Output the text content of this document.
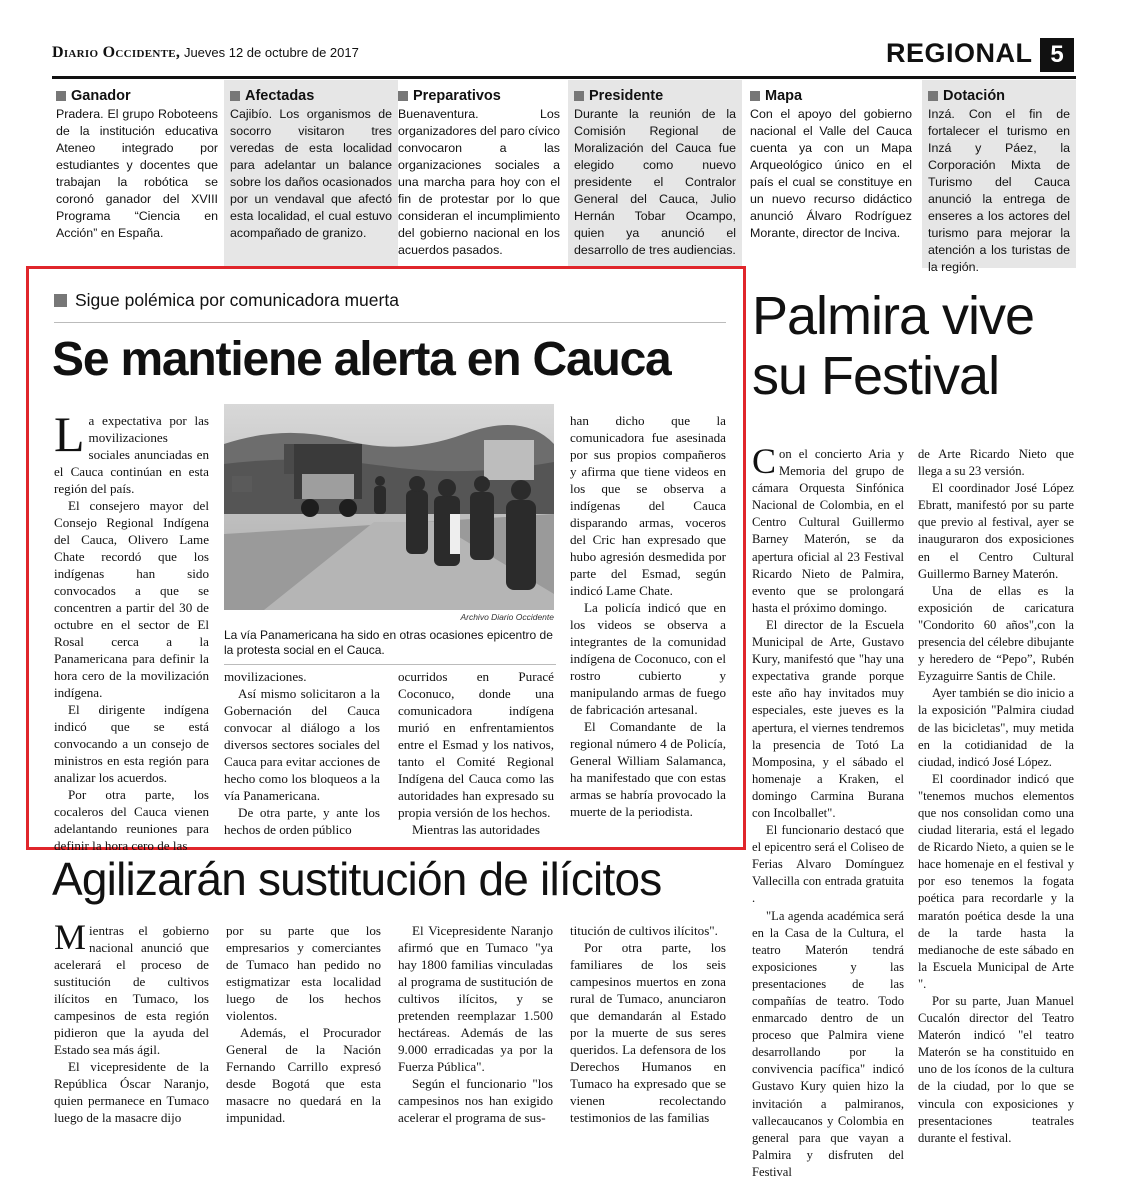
Diario Occidente, Jueves 12 de octubre de 2017	REGIONAL 5
Ganador
Pradera. El grupo Roboteens de la institución educativa Ateneo integrado por estudiantes y docentes que trabajan la robótica se coronó ganador del XVIII Programa “Ciencia en Acción” en España.
Afectadas
Cajibío. Los organismos de socorro visitaron tres veredas de esta localidad para adelantar un balance sobre los daños ocasionados por un vendaval que afectó esta localidad, el cual estuvo acompañado de granizo.
Preparativos
Buenaventura. Los organizadores del paro cívico convocaron a las organizaciones sociales a una marcha para hoy con el fin de protestar por lo que consideran el incumplimiento del gobierno nacional en los acuerdos pasados.
Presidente
Durante la reunión de la Comisión Regional de Moralización del Cauca fue elegido como nuevo presidente el Contralor General del Cauca, Julio Hernán Tobar Ocampo, quien ya anunció el desarrollo de tres audiencias.
Mapa
Con el apoyo del gobierno nacional el Valle del Cauca cuenta ya con un Mapa Arqueológico único en el país el cual se constituye en un nuevo recurso didáctico anunció Álvaro Rodríguez Morante, director de Inciva.
Dotación
Inzá. Con el fin de fortalecer el turismo en Inzá y Páez, la Corporación Mixta de Turismo del Cauca anunció la entrega de enseres a los actores del turismo para mejorar la atención a los turistas de la región.
Sigue polémica por comunicadora muerta
Se mantiene alerta en Cauca

La expectativa por las movilizaciones sociales anunciadas en el Cauca continúan en esta región del país.

El consejero mayor del Consejo Regional Indígena del Cauca, Olivero Lame Chate recordó que los indígenas han sido convocados a que se concentren a partir del 30 de octubre en el sector de El Rosal cerca a la Panamericana para definir la hora cero de la movilización indígena.

El dirigente indígena indicó que se está convocando a un consejo de ministros en esta región para analizar los acuerdos.

Por otra parte, los cocaleros del Cauca vienen adelantando reuniones para definir la hora cero de las

Archivo Diario Occidente
La vía Panamericana ha sido en otras ocasiones epicentro de la protesta social en el Cauca.

movilizaciones.

Así mismo solicitaron a la Gobernación del Cauca convocar al diálogo a los diversos sectores sociales del Cauca para evitar acciones de hecho como los bloqueos a la vía Panamericana.

De otra parte, y ante los hechos de orden público

ocurridos en Puracé Coconuco, donde una comunicadora indígena murió en enfrentamientos entre el Esmad y los nativos, tanto el Comité Regional Indígena del Cauca como las autoridades han expresado su propia versión de los hechos.

Mientras las autoridades

han dicho que la comunicadora fue asesinada por sus propios compañeros y afirma que tiene videos en los que se observa a indígenas del Cauca disparando armas, voceros del Cric han expresado que hubo agresión desmedida por parte del Esmad, según indicó Lame Chate.

La policía indicó que en los videos se observa a integrantes de la comunidad indígena de Coconuco, con el rostro cubierto y manipulando armas de fuego de fabricación artesanal.

El Comandante de la regional número 4 de Policía, General William Salamanca, ha manifestado que con estas armas se habría provocado la muerte de la periodista.

Palmira vive su Festival

Con el concierto Aria y Memoria del grupo de cámara Orquesta Sinfónica Nacional de Colombia, en el Centro Cultural Guillermo Barney Materón, se da apertura oficial al 23 Festival Ricardo Nieto de Palmira, evento que se prolongará hasta el próximo domingo.

El director de la Escuela Municipal de Arte, Gustavo Kury, manifestó que "hay una expectativa grande porque este año hay invitados muy especiales, este jueves es la apertura, el viernes tendremos la presencia de Totó La Momposina, y el sábado el homenaje a Kraken, el domingo Carmina Burana con Incolballet".

El funcionario destacó que el epicentro será el Coliseo de Ferias Alvaro Domínguez Vallecilla con entrada gratuita .

"La agenda académica será en la Casa de la Cultura, el teatro Materón tendrá exposiciones y las presentaciones de las compañías de teatro. Todo enmarcado dentro de un proceso que Palmira viene desarrollando por la convivencia pacífica" indicó Gustavo Kury quien hizo la invitación a palmiranos, vallecaucanos y Colombia en general para que vayan a Palmira y disfruten del Festival

de Arte Ricardo Nieto que llega a su 23 versión.

El coordinador José López Ebratt, manifestó por su parte que previo al festival, ayer se inauguraron dos exposiciones en el Centro Cultural Guillermo Barney Materón.

Una de ellas es la exposición de caricatura "Condorito 60 años",con la presencia del célebre dibujante y heredero de “Pepo”, Rubén Eyzaguirre Santis de Chile.

Ayer también se dio inicio a la exposición "Palmira ciudad de las bicicletas", muy metida en la cotidianidad de la ciudad, indicó José López.

El coordinador indicó que "tenemos muchos elementos que nos consolidan como una ciudad literaria, está el legado de Ricardo Nieto, a quien se le hace homenaje en el festival y por eso tenemos la fogata poética para recordarle y la maratón poética desde la una de la tarde hasta la medianoche de este sábado en la Escuela Municipal de Arte ".

Por su parte, Juan Manuel Cucalón director del Teatro Materón indicó "el teatro Materón se ha constituido en uno de los íconos de la cultura de la ciudad, por lo que se vincula con exposiciones y presentaciones teatrales durante el festival.

Agilizarán sustitución de ilícitos

Mientras el gobierno nacional anunció que acelerará el proceso de sustitución de cultivos ilícitos en Tumaco, los campesinos de esta región pidieron que la ayuda del Estado sea más ágil.

El vicepresidente de la República Óscar Naranjo, quien permanece en Tumaco luego de la masacre dijo

por su parte que los empresarios y comerciantes de Tumaco han pedido no estigmatizar esta localidad luego de los hechos violentos.

Además, el Procurador General de la Nación Fernando Carrillo expresó desde Bogotá que esta masacre no quedará en la impunidad.

El Vicepresidente Naranjo afirmó que en Tumaco "ya hay 1800 familias vinculadas al programa de sustitución de cultivos ilícitos, y se pretenden reemplazar 1.500 hectáreas. Además de las 9.000 erradicadas ya por la Fuerza Pública".

Según el funcionario "los campesinos nos han exigido acelerar el programa de sus-

titución de cultivos ilícitos".

Por otra parte, los familiares de los seis campesinos muertos en zona rural de Tumaco, anunciaron que demandarán al Estado por la muerte de sus seres queridos. La defensora de los Derechos Humanos en Tumaco ha expresado que se vienen recolectando testimonios de las familias
